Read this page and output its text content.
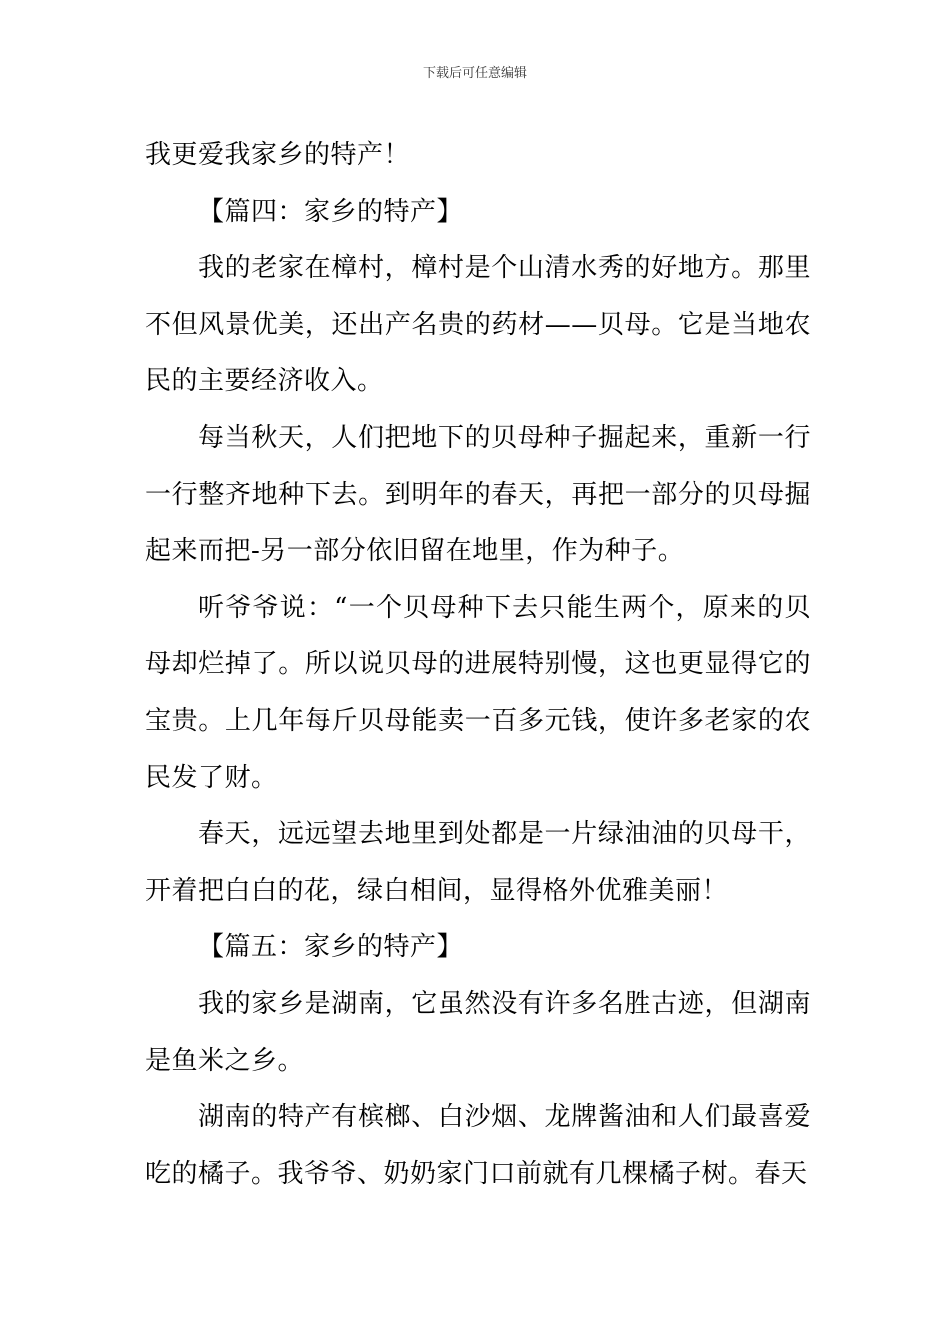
下载后可任意编辑

我更爱我家乡的特产！

【篇四：家乡的特产】

我的老家在樟村，樟村是个山清水秀的好地方。那里不但风景优美，还出产名贵的药材——贝母。它是当地农民的主要经济收入。

每当秋天，人们把地下的贝母种子掘起来，重新一行一行整齐地种下去。到明年的春天，再把一部分的贝母掘起来而把-另一部分依旧留在地里，作为种子。

听爷爷说：“一个贝母种下去只能生两个，原来的贝母却烂掉了。所以说贝母的进展特别慢，这也更显得它的宝贵。上几年每斤贝母能卖一百多元钱，使许多老家的农民发了财。

春天，远远望去地里到处都是一片绿油油的贝母干，开着把白白的花，绿白相间，显得格外优雅美丽！

【篇五：家乡的特产】

我的家乡是湖南，它虽然没有许多名胜古迹，但湖南是鱼米之乡。

湖南的特产有槟榔、白沙烟、龙牌酱油和人们最喜爱吃的橘子。我爷爷、奶奶家门口前就有几棵橘子树。春天
